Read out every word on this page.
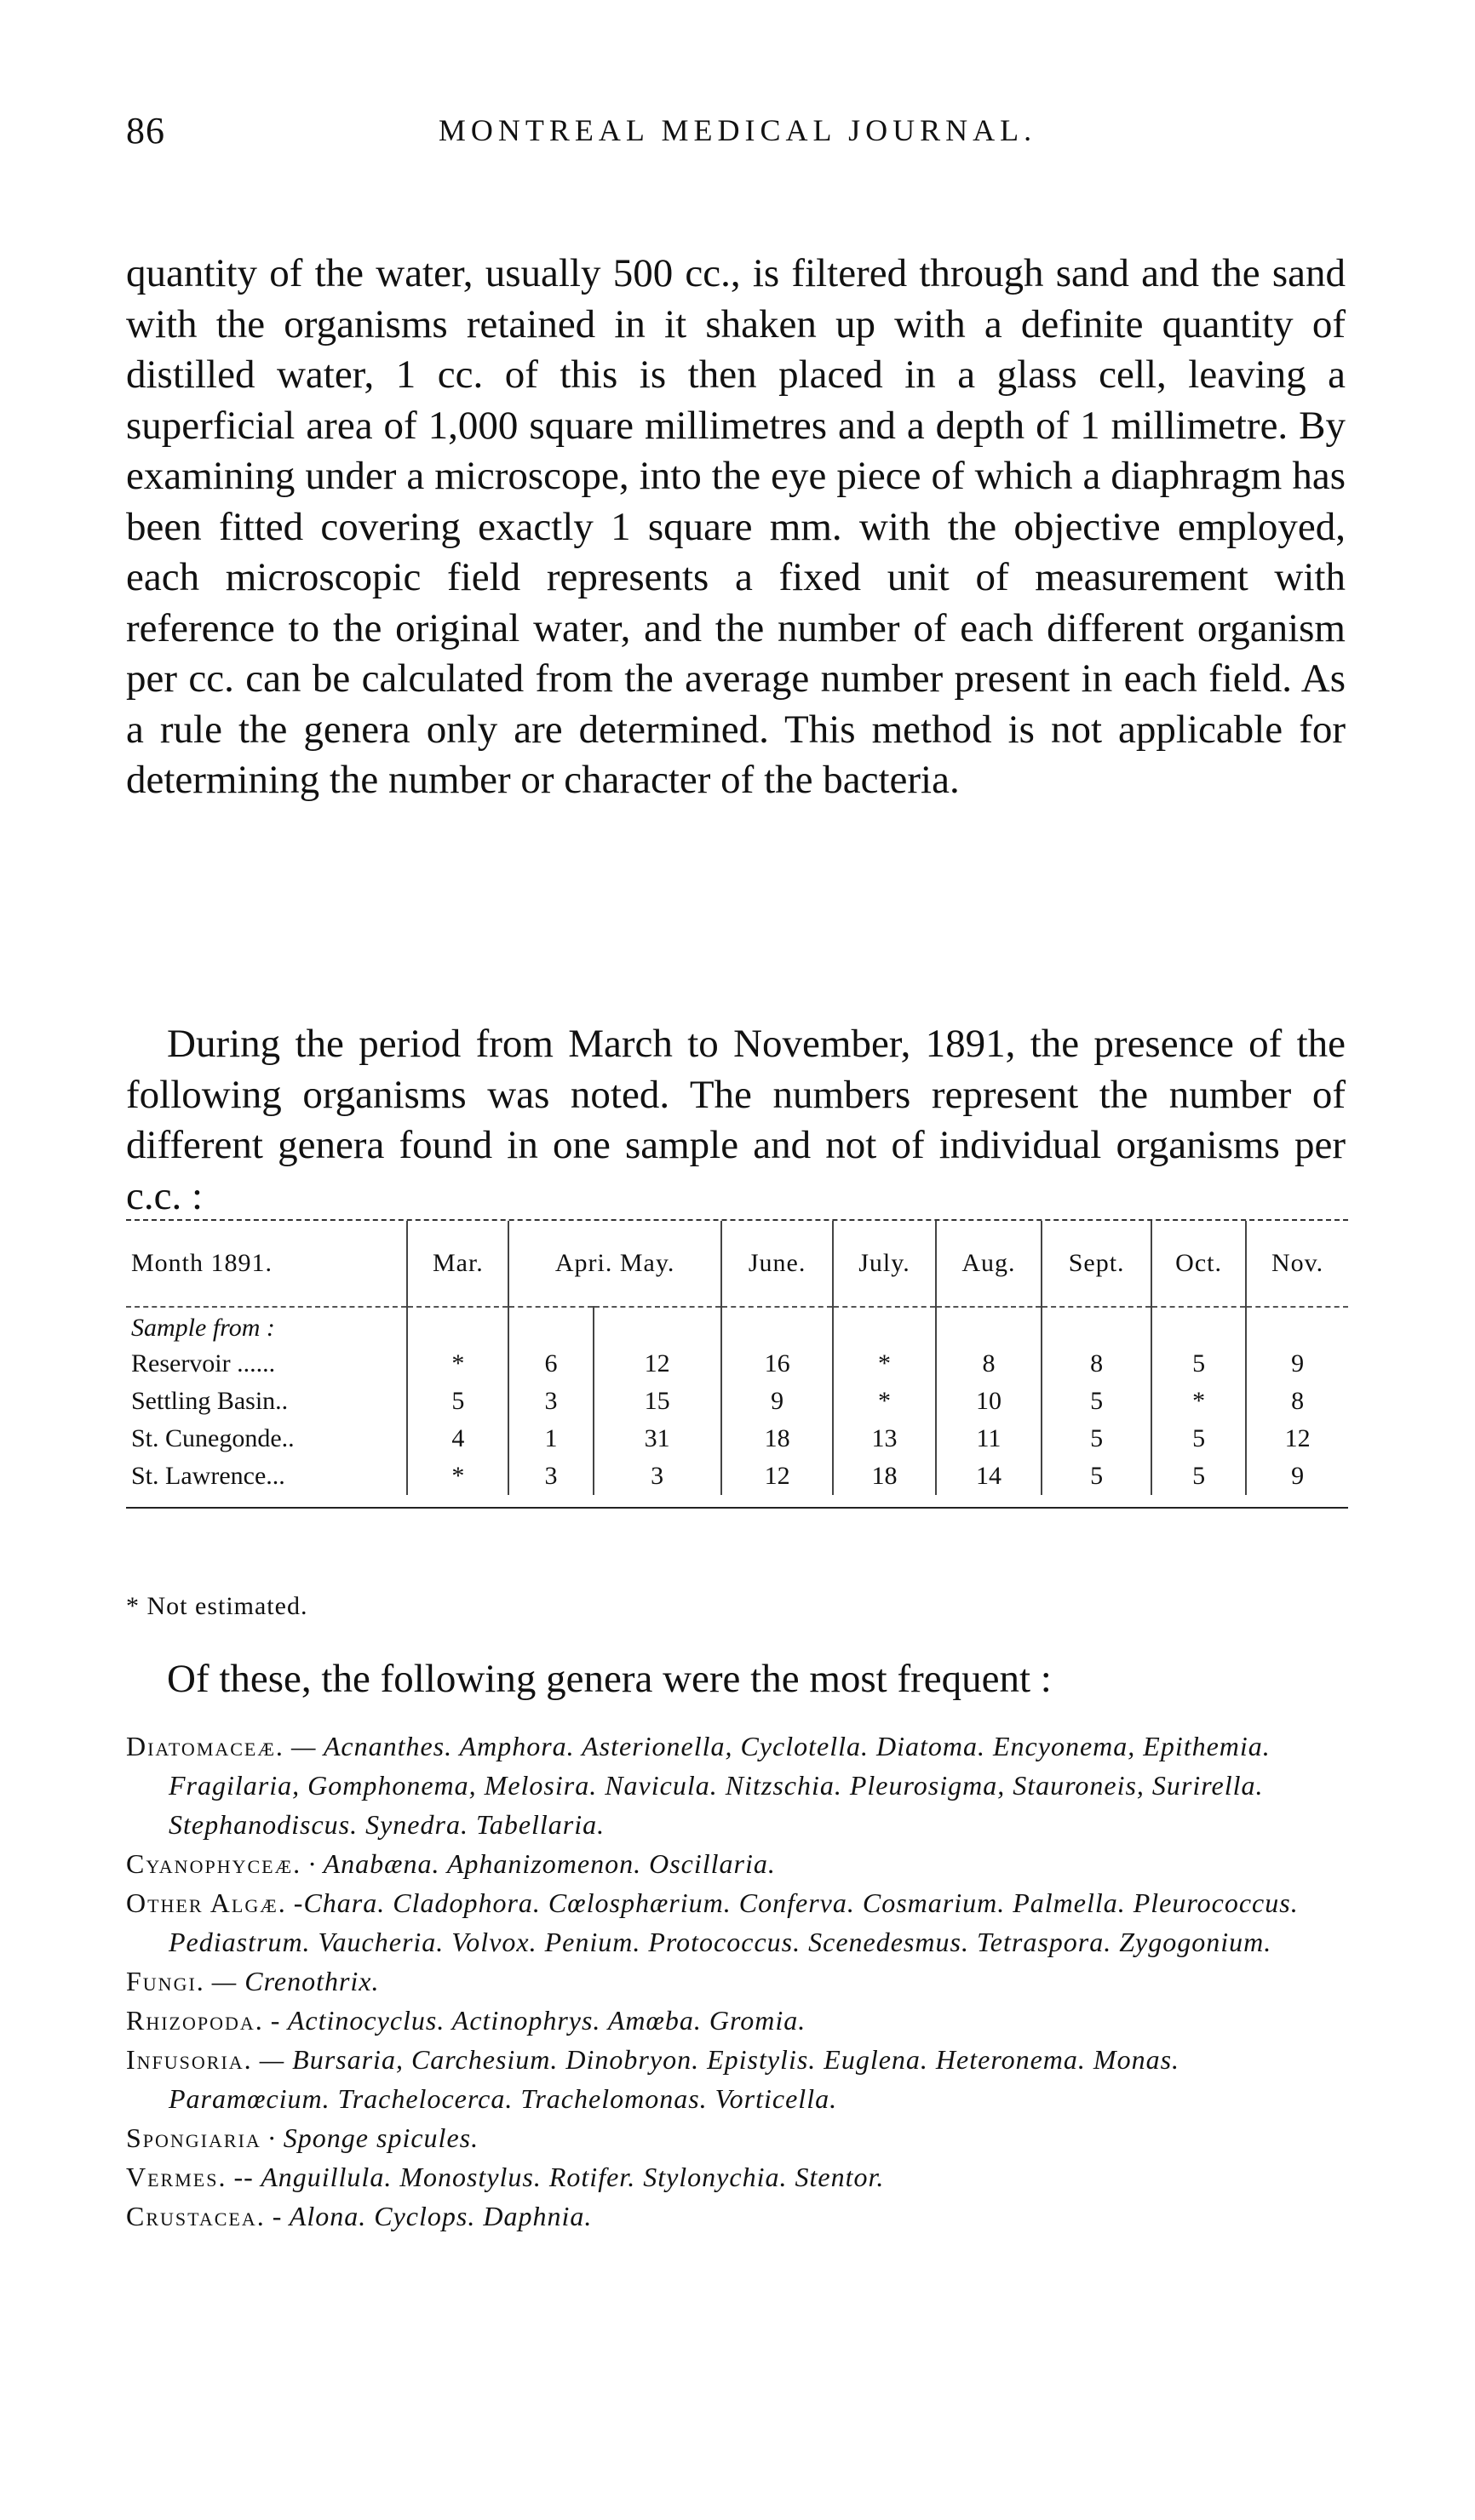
86	MONTREAL MEDICAL JOURNAL.

quantity of the water, usually 500 cc., is filtered through sand and the sand with the organisms retained in it shaken up with a definite quantity of distilled water, 1 cc. of this is then placed in a glass cell, leaving a superficial area of 1,000 square millimetres and a depth of 1 millimetre. By examining under a microscope, into the eye piece of which a diaphragm has been fitted covering exactly 1 square mm. with the objective employed, each microscopic field represents a fixed unit of measurement with reference to the original water, and the number of each different organism per cc. can be calculated from the average number present in each field. As a rule the genera only are determined. This method is not applicable for determining the number or character of the bacteria.

During the period from March to November, 1891, the presence of the following organisms was noted. The numbers represent the number of different genera found in one sample and not of individual organisms per c.c. :

Month 1891.	Mar.	Apri. May.		June.	July.	Aug.	Sept.	Oct.	Nov.
Sample from :									
Reservoir ......	*	6	12	16	*	8	8	5	9
Settling Basin..	5	3	15	9	*	10	5	*	8
St. Cunegonde..	4	1	31	18	13	11	5	5	12
St. Lawrence...	*	3	3	12	18	14	5	5	9
* Not estimated.
Of these, the following genera were the most frequent :

Diatomaceæ. — Acnanthes. Amphora. Asterionella, Cyclotella. Diatoma. Encyonema, Epithemia. Fragilaria, Gomphonema, Melosira. Navicula. Nitzschia. Pleurosigma, Stauroneis, Surirella. Stephanodiscus. Synedra. Tabellaria.

Cyanophyceæ. · Anabæna. Aphanizomenon. Oscillaria.

Other Algæ. -Chara. Cladophora. Cœlosphærium. Conferva. Cosmarium. Palmella. Pleurococcus. Pediastrum. Vaucheria. Volvox. Penium. Protococcus. Scenedesmus. Tetraspora. Zygogonium.

Fungi. — Crenothrix.

Rhizopoda. - Actinocyclus. Actinophrys. Amœba. Gromia.

Infusoria. — Bursaria, Carchesium. Dinobryon. Epistylis. Euglena. Heteronema. Monas. Paramœcium. Trachelocerca. Trachelomonas. Vorticella.

Spongiaria · Sponge spicules.

Vermes. -- Anguillula. Monostylus. Rotifer. Stylonychia. Stentor.

Crustacea. - Alona. Cyclops. Daphnia.
